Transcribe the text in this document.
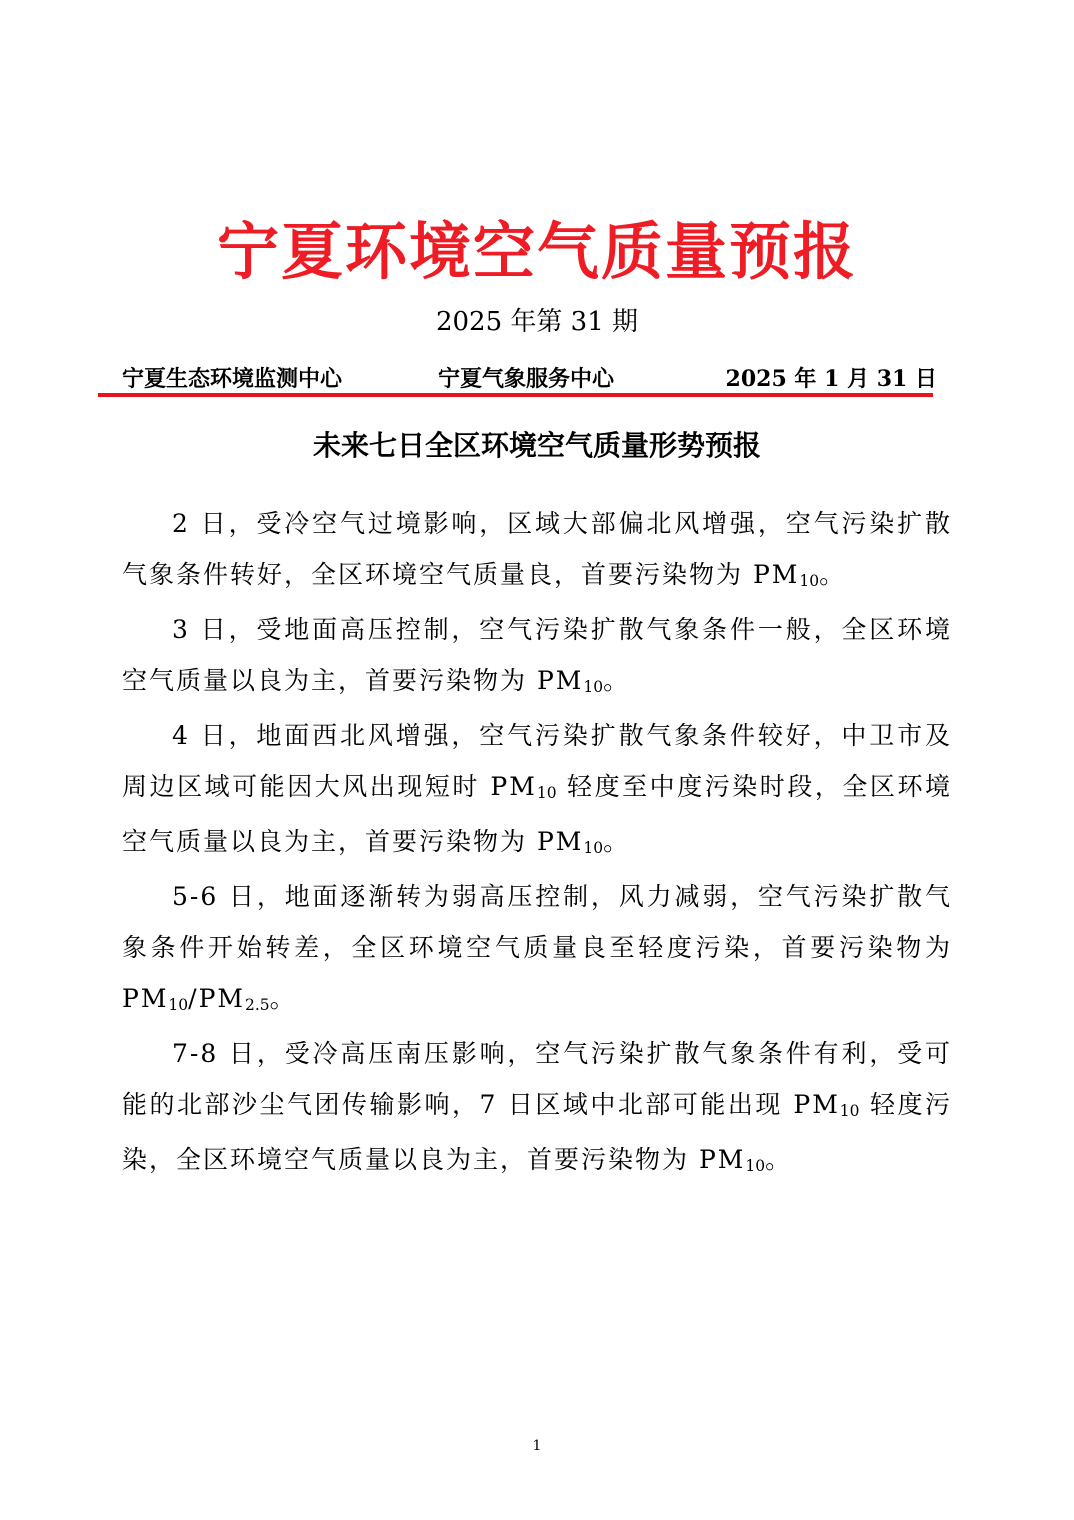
宁夏环境空气质量预报
2025 年第 31 期
宁夏生态环境监测中心	宁夏气象服务中心	2025 年 1 月 31 日
未来七日全区环境空气质量形势预报

2 日，受冷空气过境影响，区域大部偏北风增强，空气污染扩散气象条件转好，全区环境空气质量良，首要污染物为 $PM_{10}$。

3 日，受地面高压控制，空气污染扩散气象条件一般，全区环境空气质量以良为主，首要污染物为 $PM_{10}$。

4 日，地面西北风增强，空气污染扩散气象条件较好，中卫市及周边区域可能因大风出现短时 $PM_{10}$ 轻度至中度污染时段，全区环境空气质量以良为主，首要污染物为 $PM_{10}$。

5-6 日，地面逐渐转为弱高压控制，风力减弱，空气污染扩散气象条件开始转差，全区环境空气质量良至轻度污染，首要污染物为 $PM_{10}/PM_{2.5}$。

7-8 日，受冷高压南压影响，空气污染扩散气象条件有利，受可能的北部沙尘气团传输影响，7 日区域中北部可能出现 $PM_{10}$ 轻度污染，全区环境空气质量以良为主，首要污染物为 $PM_{10}$。

1
